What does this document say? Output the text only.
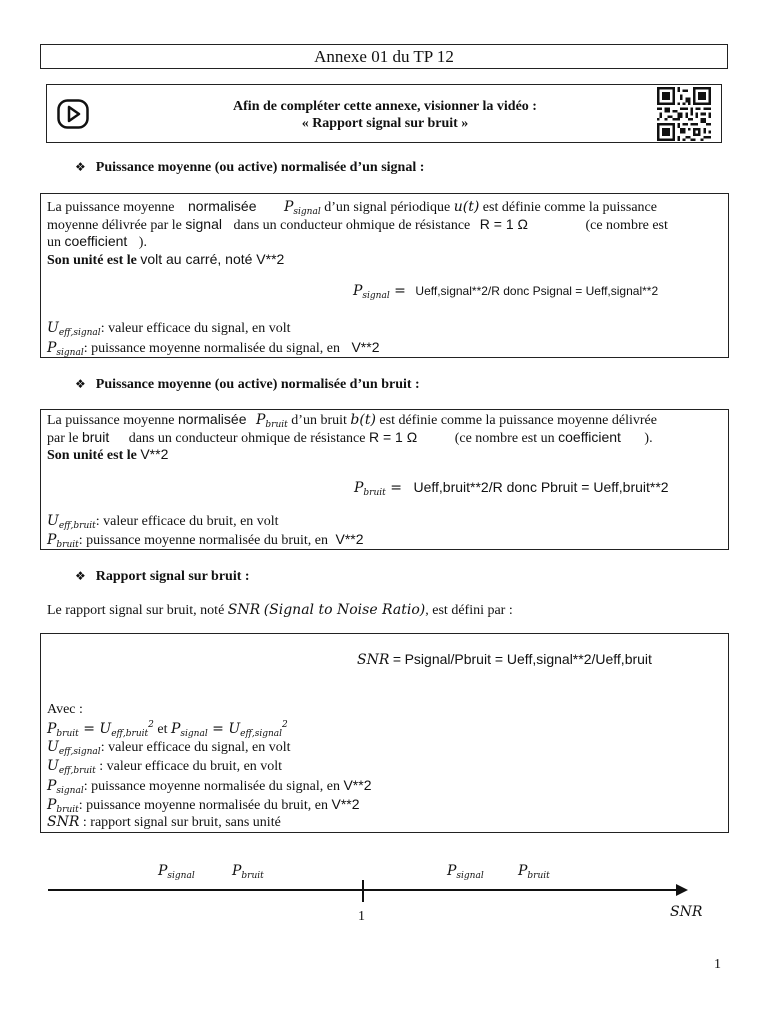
Annexe 01 du TP 12
Afin de compléter cette annexe, visionner la vidéo :
« Rapport signal sur bruit »
❖ Puissance moyenne (ou active) normalisée d’un signal :
La puissance moyenne normalisée $P_{signal}$ d’un signal périodique u(t) est définie comme la puissance
moyenne délivrée par le signal dans un conducteur ohmique de résistance R = 1 Ω	(ce nombre est
un coefficient ).
Son unité est le volt au carré, noté V**2
$P_{signal}$ = Ueff,signal**2/R donc Psignal = Ueff,signal**2
$U_{eff,signal}$: valeur efficace du signal, en volt
$P_{signal}$: puissance moyenne normalisée du signal, en V**2
❖ Puissance moyenne (ou active) normalisée d’un bruit :
La puissance moyenne normalisée $P_{bruit}$ d’un bruit b(t) est définie comme la puissance moyenne délivrée
par le bruit dans un conducteur ohmique de résistance R = 1 Ω	(ce nombre est un coefficient ).
Son unité est le V**2
$P_{bruit}$ = Ueff,bruit**2/R donc Pbruit = Ueff,bruit**2
$U_{eff,bruit}$: valeur efficace du bruit, en volt
$P_{bruit}$: puissance moyenne normalisée du bruit, en V**2
❖ Rapport signal sur bruit :
Le rapport signal sur bruit, noté SNR (Signal to Noise Ratio), est défini par :
SNR = Psignal/Pbruit = Ueff,signal**2/Ueff,bruit
Avec :
$P_{bruit} = U_{eff,bruit}^2$ et $P_{signal} = U_{eff,signal}^2$
$U_{eff,signal}$: valeur efficace du signal, en volt
$U_{eff,bruit}$ : valeur efficace du bruit, en volt
$P_{signal}$: puissance moyenne normalisée du signal, en V**2
$P_{bruit}$: puissance moyenne normalisée du bruit, en V**2
SNR : rapport signal sur bruit, sans unité
$P_{signal}$	$P_{bruit}$	$P_{signal}$ $P_{bruit}$
1	SNR
1
